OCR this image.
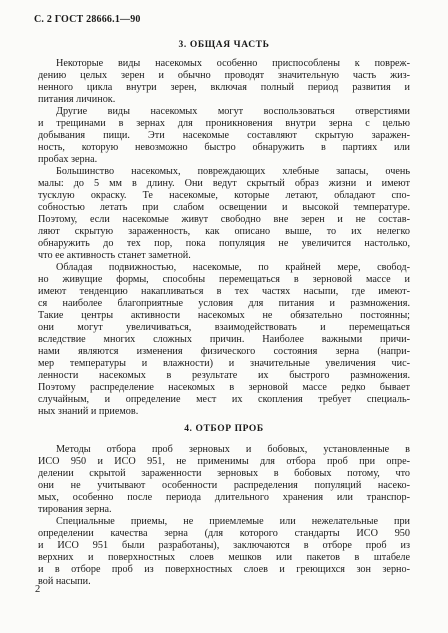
С. 2 ГОСТ 28666.1—90
3. ОБЩАЯ ЧАСТЬ
Некоторые виды насекомых особенно приспособлены к повреж-
дению целых зерен и обычно проводят значительную часть жиз-
ненного цикла внутри зерен, включая полный период развития и
питания личинок.
Другие виды насекомых могут воспользоваться отверстиями
и трещинами в зернах для проникновения внутри зерна с целью
добывания пищи. Эти насекомые составляют скрытую заражен-
ность, которую невозможно быстро обнаружить в партиях или
пробах зерна.
Большинство насекомых, повреждающих хлебные запасы, очень
малы: до 5 мм в длину. Они ведут скрытый образ жизни и имеют
тусклую окраску. Те насекомые, которые летают, обладают спо-
собностью летать при слабом освещении и высокой температуре.
Поэтому, если насекомые живут свободно вне зерен и не состав-
ляют скрытую зараженность, как описано выше, то их нелегко
обнаружить до тех пор, пока популяция не увеличится настолько,
что ее активность станет заметной.
Обладая подвижностью, насекомые, по крайней мере, свобод-
но живущие формы, способны перемещаться в зерновой массе и
имеют тенденцию накапливаться в тех частях насыпи, где имеют-
ся наиболее благоприятные условия для питания и размножения.
Такие центры активности насекомых не обязательно постоянны;
они могут увеличиваться, взаимодействовать и перемещаться
вследствие многих сложных причин. Наиболее важными причи-
нами являются изменения физического состояния зерна (напри-
мер температуры и влажности) и значительные увеличения чис-
ленности насекомых в результате их быстрого размножения.
Поэтому распределение насекомых в зерновой массе редко бывает
случайным, и определение мест их скопления требует специаль-
ных знаний и приемов.
4. ОТБОР ПРОБ
Методы отбора проб зерновых и бобовых, установленные в
ИСО 950 и ИСО 951, не применимы для отбора проб при опре-
делении скрытой зараженности зерновых в бобовых потому, что
они не учитывают особенности распределения популяций насеко-
мых, особенно после периода длительного хранения или транспор-
тирования зерна.
Специальные приемы, не приемлемые или нежелательные при
определении качества зерна (для которого стандарты ИСО 950
и ИСО 951 были разработаны), заключаются в отборе проб из
верхних и поверхностных слоев мешков или пакетов в штабеле
и в отборе проб из поверхностных слоев и греющихся зон зерно-
вой насыпи.
2
